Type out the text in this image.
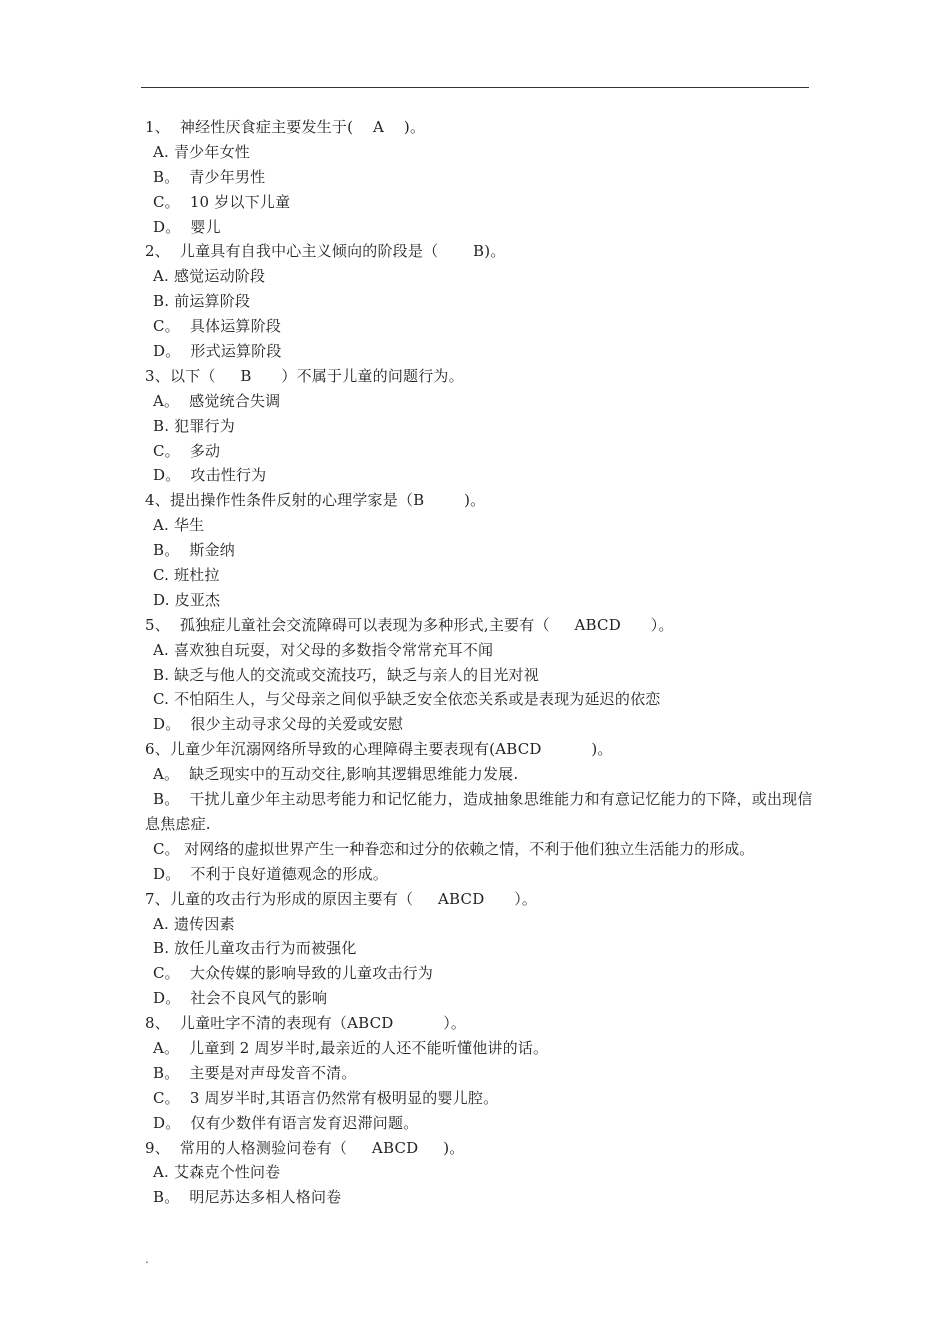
1、  神经性厌食症主要发生于(    A    )。
A. 青少年女性
B。  青少年男性
C。  10 岁以下儿童
D。  婴儿
2、  儿童具有自我中心主义倾向的阶段是（       B)。
A. 感觉运动阶段
B. 前运算阶段
C。  具体运算阶段
D。  形式运算阶段
3、以下（     B      ）不属于儿童的问题行为。
A。  感觉统合失调
B. 犯罪行为
C。  多动
D。  攻击性行为
4、提出操作性条件反射的心理学家是（B        )。
A. 华生
B。  斯金纳
C. 班杜拉
D. 皮亚杰
5、  孤独症儿童社会交流障碍可以表现为多种形式,主要有（     ABCD      ）。
A. 喜欢独自玩耍，对父母的多数指令常常充耳不闻
B. 缺乏与他人的交流或交流技巧，缺乏与亲人的目光对视
C. 不怕陌生人，与父母亲之间似乎缺乏安全依恋关系或是表现为延迟的依恋
D。  很少主动寻求父母的关爱或安慰
6、儿童少年沉溺网络所导致的心理障碍主要表现有(ABCD          )。
A。  缺乏现实中的互动交往,影响其逻辑思维能力发展.
B。  干扰儿童少年主动思考能力和记忆能力，造成抽象思维能力和有意记忆能力的下降，或出现信息焦虑症.
C。 对网络的虚拟世界产生一种眷恋和过分的依赖之情，不利于他们独立生活能力的形成。
D。  不利于良好道德观念的形成。
7、儿童的攻击行为形成的原因主要有（     ABCD      ）。
A. 遗传因素
B. 放任儿童攻击行为而被强化
C。  大众传媒的影响导致的儿童攻击行为
D。  社会不良风气的影响
8、  儿童吐字不清的表现有（ABCD          ）。
A。  儿童到 2 周岁半时,最亲近的人还不能听懂他讲的话。
B。  主要是对声母发音不清。
C。  3 周岁半时,其语言仍然常有极明显的婴儿腔。
D。  仅有少数伴有语言发育迟滞问题。
9、  常用的人格测验问卷有（     ABCD     )。
A. 艾森克个性问卷
B。  明尼苏达多相人格问卷
.
